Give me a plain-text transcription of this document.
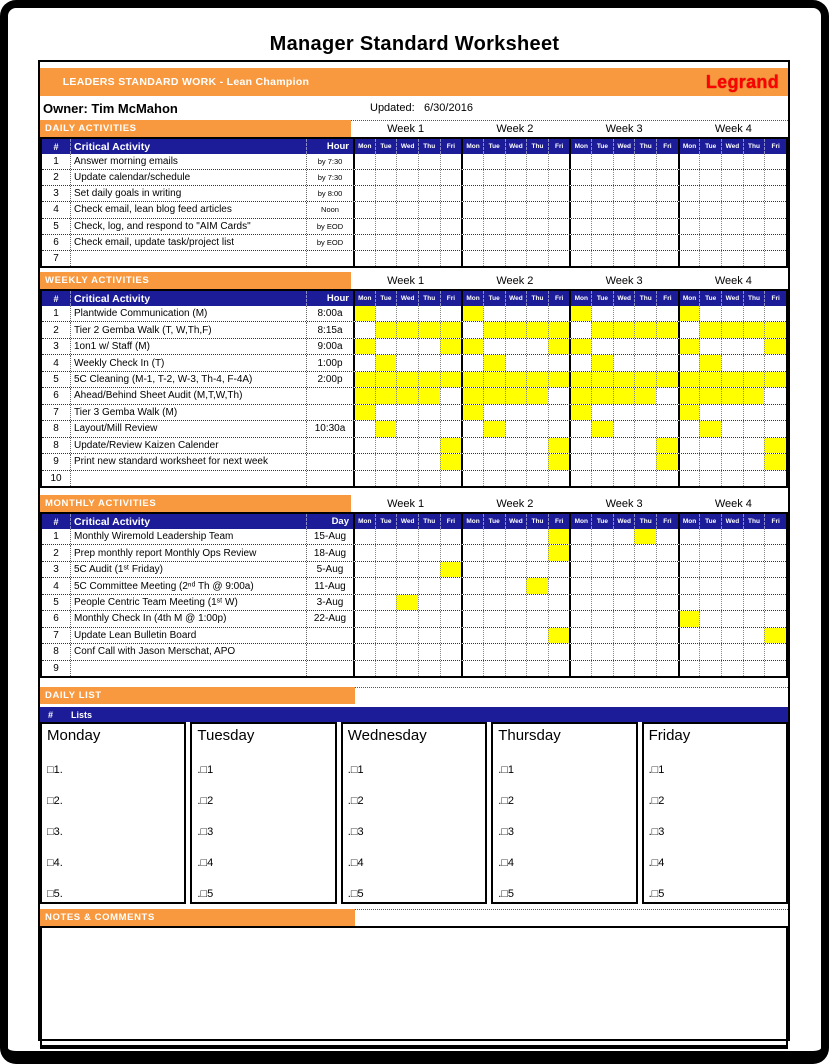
Manager Standard Worksheet
LEADERS STANDARD WORK - Lean Champion	Legrand
Owner: Tim McMahon	Updated: 6/30/2016
DAILY ACTIVITIES	Week 1	Week 2	Week 3	Week 4
#	Critical Activity	Hour	Mon	Tue	Wed	Thu	Fri	Mon	Tue	Wed	Thu	Fri	Mon	Tue	Wed	Thu	Fri	Mon	Tue	Wed	Thu	Fri
1	Answer morning emails	by 7:30
2	Update calendar/schedule	by 7:30
3	Set daily goals in writing	by 8:00
4	Check email, lean blog feed articles	Noon
5	Check, log, and respond to "AIM Cards"	by EOD
6	Check email, update task/project list	by EOD
7
WEEKLY ACTIVITIES	Week 1	Week 2	Week 3	Week 4
#	Critical Activity	Hour	Mon	Tue	Wed	Thu	Fri	Mon	Tue	Wed	Thu	Fri	Mon	Tue	Wed	Thu	Fri	Mon	Tue	Wed	Thu	Fri
1	Plantwide Communication (M)	8:00a
2	Tier 2 Gemba Walk (T, W,Th,F)	8:15a
3	1on1 w/ Staff (M)	9:00a
4	Weekly Check In (T)	1:00p
5	5C Cleaning (M-1, T-2, W-3, Th-4, F-4A)	2:00p
6	Ahead/Behind Sheet Audit (M,T,W,Th)
7	Tier 3 Gemba Walk (M)
8	Layout/Mill Review	10:30a
8	Update/Review Kaizen Calender
9	Print new standard worksheet for next week
10
MONTHLY ACTIVITIES	Week 1	Week 2	Week 3	Week 4
#	Critical Activity	Day	Mon	Tue	Wed	Thu	Fri	Mon	Tue	Wed	Thu	Fri	Mon	Tue	Wed	Thu	Fri	Mon	Tue	Wed	Thu	Fri
1	Monthly Wiremold Leadership Team	15-Aug
2	Prep monthly report Monthly Ops Review	18-Aug
3	5C Audit (1ˢᵗ Friday)	5-Aug
4	5C Committee Meeting (2ⁿᵈ Th @ 9:00a)	11-Aug
5	People Centric Team Meeting (1ˢᵗ W)	3-Aug
6	Monthly Check In (4th M @ 1:00p)	22-Aug
7	Update Lean Bulletin Board
8	Conf Call with Jason Merschat, APO
9
DAILY LIST
#	Lists
Monday
□1.
□2.
□3.
□4.
□5.
Tuesday
.□1
.□2
.□3
.□4
.□5
Wednesday
.□1
.□2
.□3
.□4
.□5
Thursday
.□1
.□2
.□3
.□4
.□5
Friday
.□1
.□2
.□3
.□4
.□5
NOTES & COMMENTS
